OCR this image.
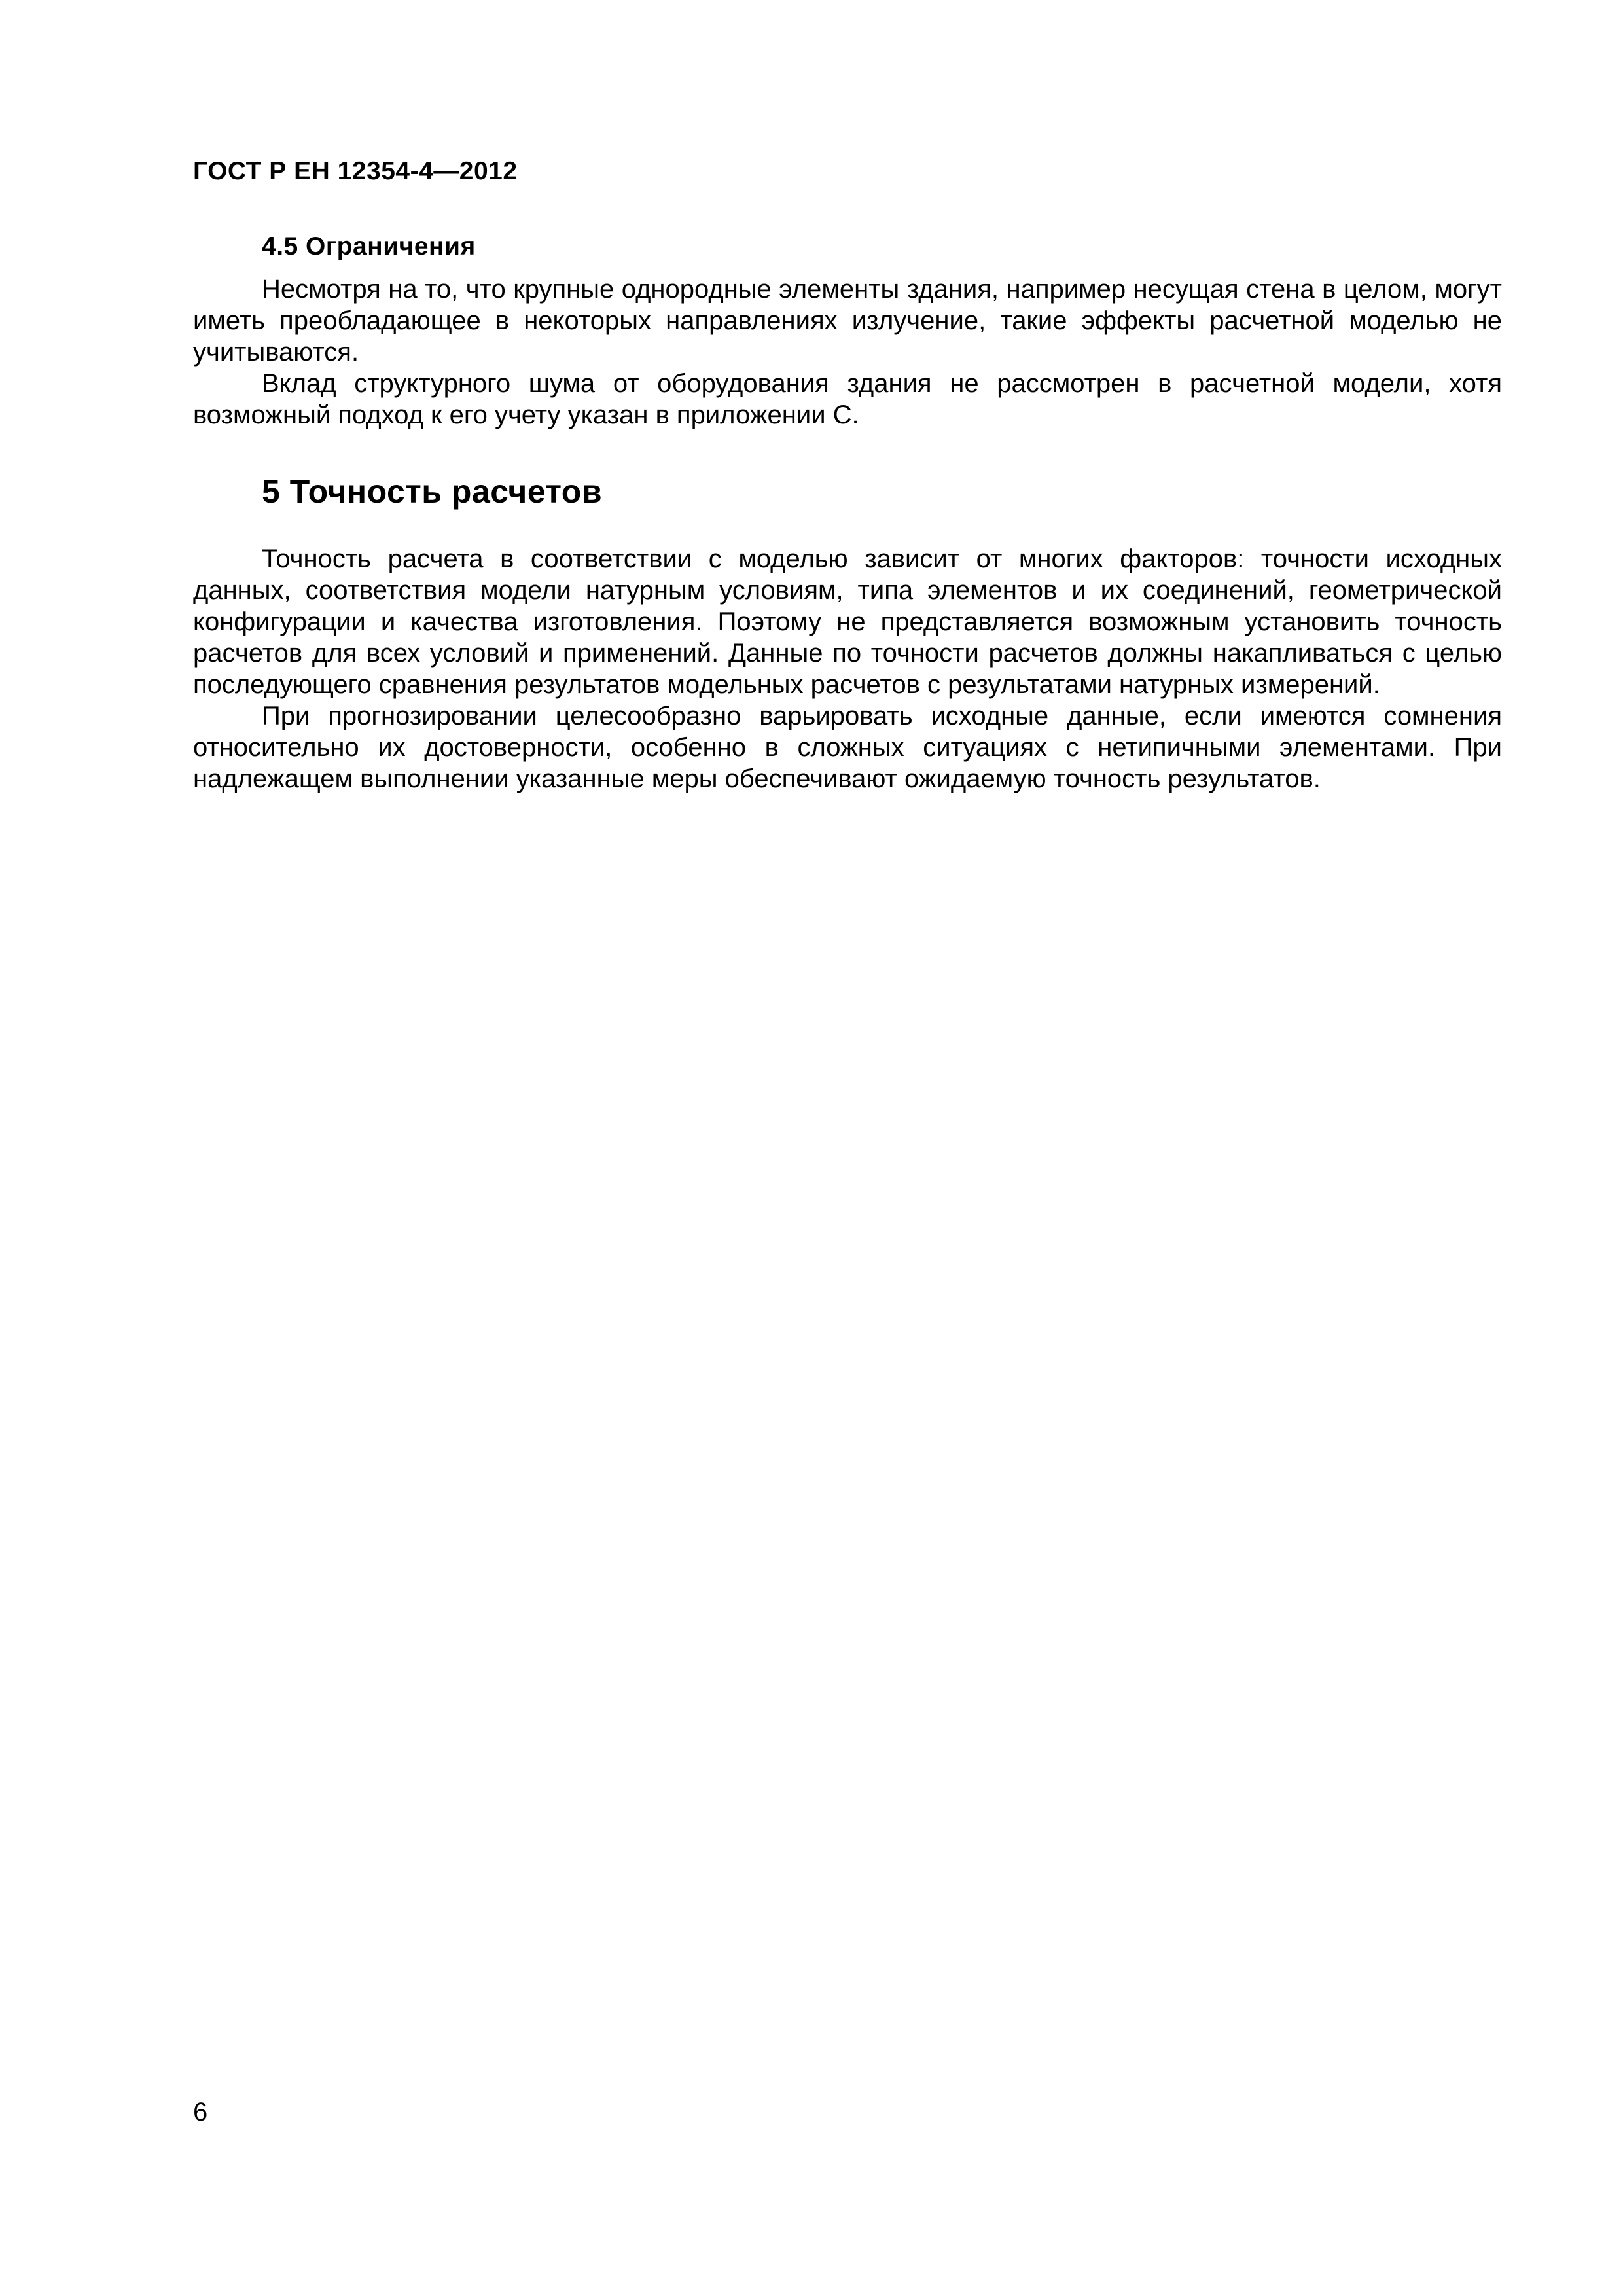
ГОСТ Р ЕН 12354-4—2012
4.5 Ограничения

Несмотря на то, что крупные однородные элементы здания, например несущая стена в целом, могут иметь преобладающее в некоторых направлениях излучение, такие эффекты расчетной моделью не учитываются.

Вклад структурного шума от оборудования здания не рассмотрен в расчетной модели, хотя возможный подход к его учету указан в приложении С.

5 Точность расчетов

Точность расчета в соответствии с моделью зависит от многих факторов: точности исходных данных, соответствия модели натурным условиям, типа элементов и их соединений, геометрической конфигурации и качества изготовления. Поэтому не представляется возможным установить точность расчетов для всех условий и применений. Данные по точности расчетов должны накапливаться с целью последующего сравнения результатов модельных расчетов с результатами натурных измерений.

При прогнозировании целесообразно варьировать исходные данные, если имеются сомнения относительно их достоверности, особенно в сложных ситуациях с нетипичными элементами. При надлежащем выполнении указанные меры обеспечивают ожидаемую точность результатов.

6
